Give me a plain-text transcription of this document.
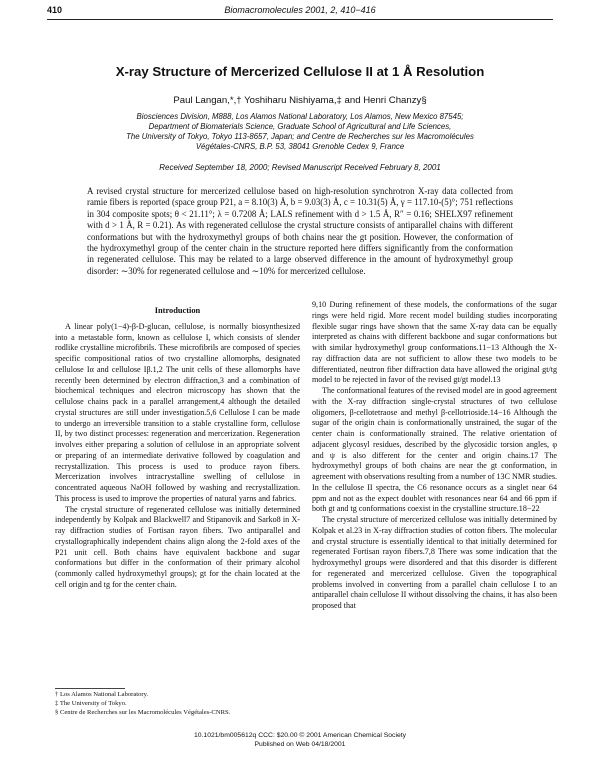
410	Biomacromolecules 2001, 2, 410−416
X-ray Structure of Mercerized Cellulose II at 1 Å Resolution
Paul Langan,*,† Yoshiharu Nishiyama,‡ and Henri Chanzy§
Biosciences Division, M888, Los Alamos National Laboratory, Los Alamos, New Mexico 87545;
Department of Biomaterials Science, Graduate School of Agricultural and Life Sciences,
The University of Tokyo, Tokyo 113-8657, Japan; and Centre de Recherches sur les Macromolécules
Végétales-CNRS, B.P. 53, 38041 Grenoble Cedex 9, France
Received September 18, 2000; Revised Manuscript Received February 8, 2001
A revised crystal structure for mercerized cellulose based on high-resolution synchrotron X-ray data collected from ramie fibers is reported (space group P21, a = 8.10(3) Å, b = 9.03(3) Å, c = 10.31(5) Å, γ = 117.10-(5)°; 751 reflections in 304 composite spots; θ < 21.11°; λ = 0.7208 Å; LALS refinement with d > 1.5 Å, R″ = 0.16; SHELX97 refinement with d > 1 Å, R = 0.21). As with regenerated cellulose the crystal structure consists of antiparallel chains with different conformations but with the hydroxymethyl groups of both chains near the gt position. However, the conformation of the hydroxymethyl group of the center chain in the structure reported here differs significantly from the conformation in regenerated cellulose. This may be related to a large observed difference in the amount of hydroxymethyl group disorder: ∼30% for regenerated cellulose and ∼10% for mercerized cellulose.
Introduction

A linear poly(1−4)-β-D-glucan, cellulose, is normally biosynthesized into a metastable form, known as cellulose I, which consists of slender rodlike crystalline microfibrils. These microfibrils are composed of species specific compositional ratios of two crystalline allomorphs, designated cellulose Iα and cellulose Iβ.1,2 The unit cells of these allomorphs have recently been determined by electron diffraction,3 and a combination of biochemical techniques and electron microscopy has shown that the cellulose chains pack in a parallel arrangement,4 although the detailed crystal structures are still under investigation.5,6 Cellulose I can be made to undergo an irreversible transition to a stable crystalline form, cellulose II, by two distinct processes: regeneration and mercerization. Regeneration involves either preparing a solution of cellulose in an appropriate solvent or preparing of an intermediate derivative followed by coagulation and recrystallization. This process is used to produce rayon fibers. Mercerization involves intracrystalline swelling of cellulose in concentrated aqueous NaOH followed by washing and recrystallization. This process is used to improve the properties of natural yarns and fabrics.

The crystal structure of regenerated cellulose was initially determined independently by Kolpak and Blackwell7 and Stipanovik and Sarko8 in X-ray diffraction studies of Fortisan rayon fibers. Two antiparallel and crystallographically independent chains align along the 2-fold axes of the P21 unit cell. Both chains have equivalent backbone and sugar conformations but differ in the conformation of their primary alcohol (commonly called hydroxymethyl groups); gt for the chain located at the cell origin and tg for the center chain.

9,10 During refinement of these models, the conformations of the sugar rings were held rigid. More recent model building studies incorporating flexible sugar rings have shown that the same X-ray data can be equally interpreted as chains with different backbone and sugar conformations but with similar hydroxymethyl group conformations.11−13 Although the X-ray diffraction data are not sufficient to allow these two models to be differentiated, neutron fiber diffraction data have allowed the original gt/tg model to be rejected in favor of the revised gt/gt model.13

The conformational features of the revised model are in good agreement with the X-ray diffraction single-crystal structures of two cellulose oligomers, β-cellotetraose and methyl β-cellotrioside.14−16 Although the sugar of the origin chain is conformationally unstrained, the sugar of the center chain is conformationally strained. The relative orientation of adjacent glycosyl residues, described by the glycosidic torsion angles, φ and ψ is also different for the center and origin chains.17 The hydroxymethyl groups of both chains are near the gt conformation, in agreement with observations resulting from a number of 13C NMR studies. In the cellulose II spectra, the C6 resonance occurs as a singlet near 64 ppm and not as the expect doublet with resonances near 64 and 66 ppm if both gt and tg conformations coexist in the crystalline structure.18−22

The crystal structure of mercerized cellulose was initially determined by Kolpak et al.23 in X-ray diffraction studies of cotton fibers. The molecular and crystal structure is essentially identical to that initially determined for regenerated Fortisan rayon fibers.7,8 There was some indication that the hydroxymethyl groups were disordered and that this disorder is different for regenerated and mercerized cellulose. Given the topographical problems involved in converting from a parallel chain cellulose I to an antiparallel chain cellulose II without dissolving the chains, it has also been proposed that

† Los Alamos National Laboratory.
‡ The University of Tokyo.
§ Centre de Recherches sur les Macromolécules Végétales-CNRS.
10.1021/bm005612q CCC: $20.00 © 2001 American Chemical Society
Published on Web 04/18/2001
